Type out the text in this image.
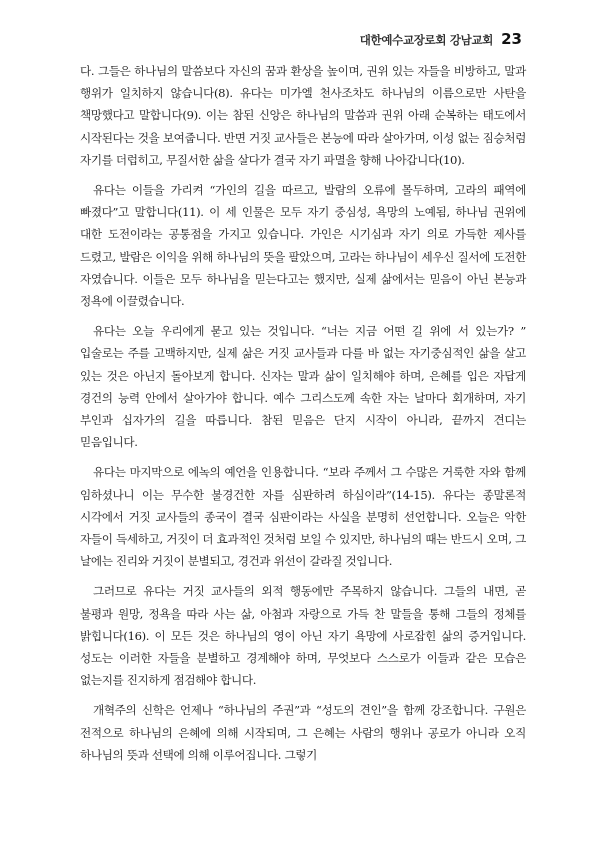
대한예수교장로회 강남교회 23

다. 그들은 하나님의 말씀보다 자신의 꿈과 환상을 높이며, 권위 있는 자들을 비방하고, 말과 행위가 일치하지 않습니다(8). 유다는 미가엘 천사조차도 하나님의 이름으로만 사탄을 책망했다고 말합니다(9). 이는 참된 신앙은 하나님의 말씀과 권위 아래 순복하는 태도에서 시작된다는 것을 보여줍니다. 반면 거짓 교사들은 본능에 따라 살아가며, 이성 없는 짐승처럼 자기를 더럽히고, 무질서한 삶을 살다가 결국 자기 파멸을 향해 나아갑니다(10).

유다는 이들을 가리켜 “가인의 길을 따르고, 발람의 오류에 몰두하며, 고라의 패역에 빠졌다”고 말합니다(11). 이 세 인물은 모두 자기 중심성, 욕망의 노예됨, 하나님 권위에 대한 도전이라는 공통점을 가지고 있습니다. 가인은 시기심과 자기 의로 가득한 제사를 드렸고, 발람은 이익을 위해 하나님의 뜻을 팔았으며, 고라는 하나님이 세우신 질서에 도전한 자였습니다. 이들은 모두 하나님을 믿는다고는 했지만, 실제 삶에서는 믿음이 아닌 본능과 정욕에 이끌렸습니다.

유다는 오늘 우리에게 묻고 있는 것입니다. “너는 지금 어떤 길 위에 서 있는가? ” 입술로는 주를 고백하지만, 실제 삶은 거짓 교사들과 다를 바 없는 자기중심적인 삶을 살고 있는 것은 아닌지 돌아보게 합니다. 신자는 말과 삶이 일치해야 하며, 은혜를 입은 자답게 경건의 능력 안에서 살아가야 합니다. 예수 그리스도께 속한 자는 날마다 회개하며, 자기 부인과 십자가의 길을 따릅니다. 참된 믿음은 단지 시작이 아니라, 끝까지 견디는 믿음입니다.

유다는 마지막으로 에녹의 예언을 인용합니다. “보라 주께서 그 수많은 거룩한 자와 함께 임하셨나니 이는 무수한 불경건한 자를 심판하려 하심이라”(14-15). 유다는 종말론적 시각에서 거짓 교사들의 종국이 결국 심판이라는 사실을 분명히 선언합니다. 오늘은 악한 자들이 득세하고, 거짓이 더 효과적인 것처럼 보일 수 있지만, 하나님의 때는 반드시 오며, 그 날에는 진리와 거짓이 분별되고, 경건과 위선이 갈라질 것입니다.

그러므로 유다는 거짓 교사들의 외적 행동에만 주목하지 않습니다. 그들의 내면, 곧 불평과 원망, 정욕을 따라 사는 삶, 아첨과 자랑으로 가득 찬 말들을 통해 그들의 정체를 밝힙니다(16). 이 모든 것은 하나님의 영이 아닌 자기 욕망에 사로잡힌 삶의 증거입니다. 성도는 이러한 자들을 분별하고 경계해야 하며, 무엇보다 스스로가 이들과 같은 모습은 없는지를 진지하게 점검해야 합니다.

개혁주의 신학은 언제나 “하나님의 주권”과 “성도의 견인”을 함께 강조합니다. 구원은 전적으로 하나님의 은혜에 의해 시작되며, 그 은혜는 사람의 행위나 공로가 아니라 오직 하나님의 뜻과 선택에 의해 이루어집니다. 그렇기
